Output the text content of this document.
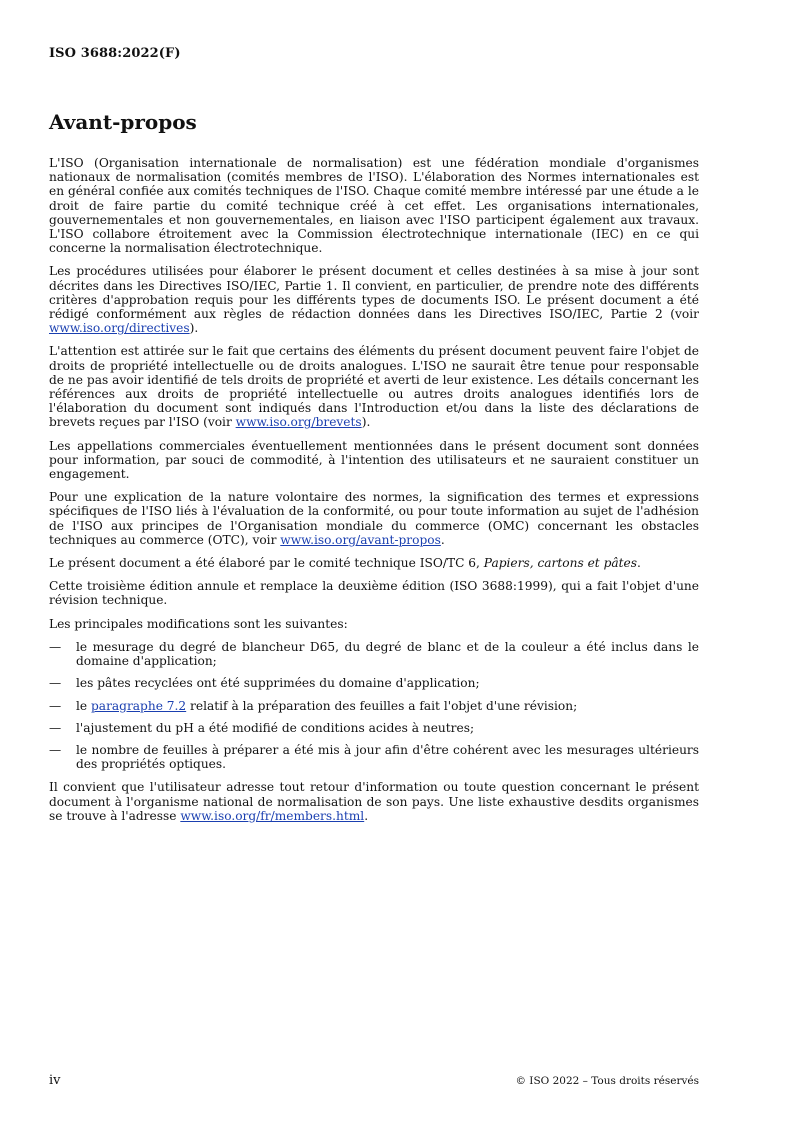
ISO 3688:2022(F)
Avant-propos

L'ISO (Organisation internationale de normalisation) est une fédération mondiale d'organismes nationaux de normalisation (comités membres de l'ISO). L'élaboration des Normes internationales est en général confiée aux comités techniques de l'ISO. Chaque comité membre intéressé par une étude a le droit de faire partie du comité technique créé à cet effet. Les organisations internationales, gouvernementales et non gouvernementales, en liaison avec l'ISO participent également aux travaux. L'ISO collabore étroitement avec la Commission électrotechnique internationale (IEC) en ce qui concerne la normalisation électrotechnique.

Les procédures utilisées pour élaborer le présent document et celles destinées à sa mise à jour sont décrites dans les Directives ISO/IEC, Partie 1. Il convient, en particulier, de prendre note des différents critères d'approbation requis pour les différents types de documents ISO. Le présent document a été rédigé conformément aux règles de rédaction données dans les Directives ISO/IEC, Partie 2 (voir www.iso.org/directives).

L'attention est attirée sur le fait que certains des éléments du présent document peuvent faire l'objet de droits de propriété intellectuelle ou de droits analogues. L'ISO ne saurait être tenue pour responsable de ne pas avoir identifié de tels droits de propriété et averti de leur existence. Les détails concernant les références aux droits de propriété intellectuelle ou autres droits analogues identifiés lors de l'élaboration du document sont indiqués dans l'Introduction et/ou dans la liste des déclarations de brevets reçues par l'ISO (voir www.iso.org/brevets).

Les appellations commerciales éventuellement mentionnées dans le présent document sont données pour information, par souci de commodité, à l'intention des utilisateurs et ne sauraient constituer un engagement.

Pour une explication de la nature volontaire des normes, la signification des termes et expressions spécifiques de l'ISO liés à l'évaluation de la conformité, ou pour toute information au sujet de l'adhésion de l'ISO aux principes de l'Organisation mondiale du commerce (OMC) concernant les obstacles techniques au commerce (OTC), voir www.iso.org/avant-propos.

Le présent document a été élaboré par le comité technique ISO/TC 6, Papiers, cartons et pâtes.

Cette troisième édition annule et remplace la deuxième édition (ISO 3688:1999), qui a fait l'objet d'une révision technique.

Les principales modifications sont les suivantes:

— le mesurage du degré de blancheur D65, du degré de blanc et de la couleur a été inclus dans le domaine d'application;
— les pâtes recyclées ont été supprimées du domaine d'application;
— le paragraphe 7.2 relatif à la préparation des feuilles a fait l'objet d'une révision;
— l'ajustement du pH a été modifié de conditions acides à neutres;
— le nombre de feuilles à préparer a été mis à jour afin d'être cohérent avec les mesurages ultérieurs des propriétés optiques.

Il convient que l'utilisateur adresse tout retour d'information ou toute question concernant le présent document à l'organisme national de normalisation de son pays. Une liste exhaustive desdits organismes se trouve à l'adresse www.iso.org/fr/members.html.

iv	© ISO 2022 – Tous droits réservés
